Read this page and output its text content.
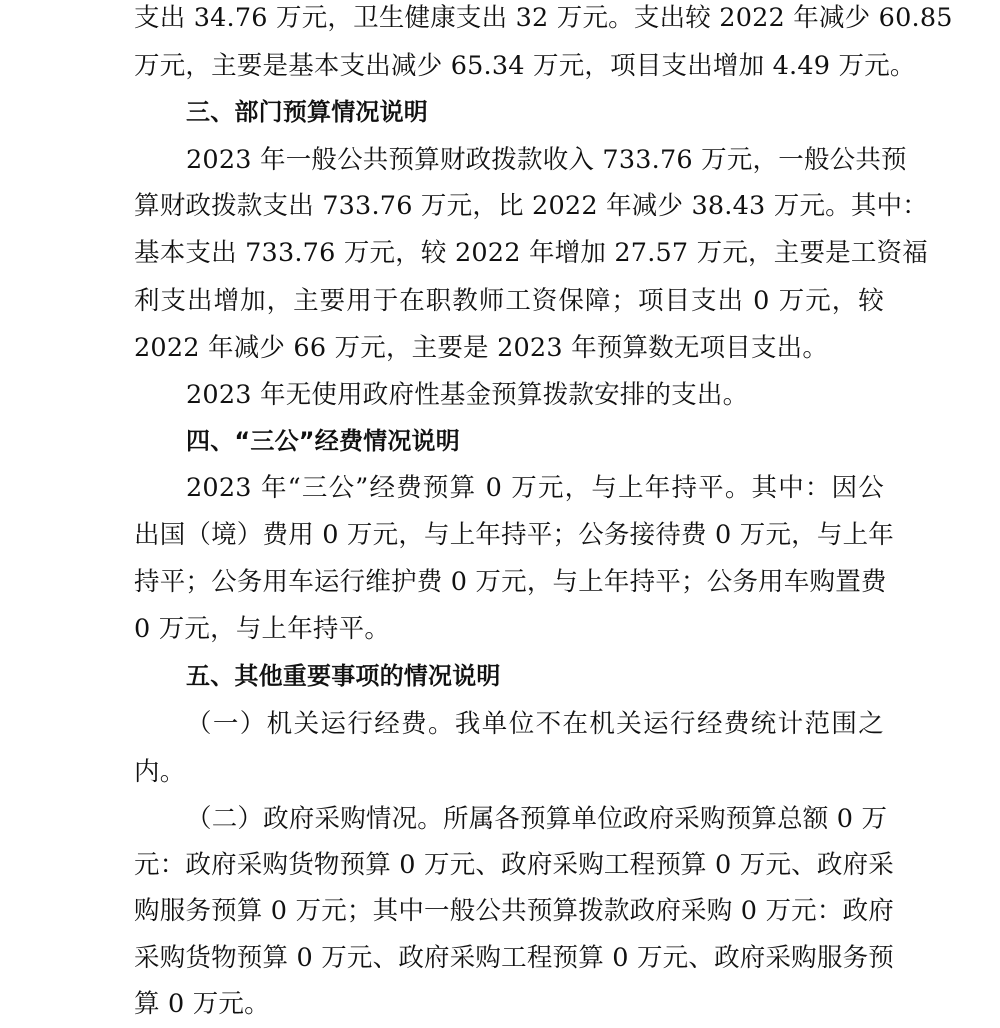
支出 34.76 万元，卫生健康支出 32 万元。支出较 2022 年减少 60.85
万元，主要是基本支出减少 65.34 万元，项目支出增加 4.49 万元。
三、部门预算情况说明
2023 年一般公共预算财政拨款收入 733.76 万元，一般公共预
算财政拨款支出 733.76 万元，比 2022 年减少 38.43 万元。其中：
基本支出 733.76 万元，较 2022 年增加 27.57 万元，主要是工资福
利支出增加，主要用于在职教师工资保障；项目支出 0 万元，较
2022 年减少 66 万元，主要是 2023 年预算数无项目支出。
2023 年无使用政府性基金预算拨款安排的支出。
四、“三公”经费情况说明
2023 年“三公”经费预算 0 万元，与上年持平。其中：因公
出国（境）费用 0 万元，与上年持平；公务接待费 0 万元，与上年
持平；公务用车运行维护费 0 万元，与上年持平；公务用车购置费
0 万元，与上年持平。
五、其他重要事项的情况说明
（一）机关运行经费。我单位不在机关运行经费统计范围之
内。
（二）政府采购情况。所属各预算单位政府采购预算总额 0 万
元：政府采购货物预算 0 万元、政府采购工程预算 0 万元、政府采
购服务预算 0 万元；其中一般公共预算拨款政府采购 0 万元：政府
采购货物预算 0 万元、政府采购工程预算 0 万元、政府采购服务预
算 0 万元。
